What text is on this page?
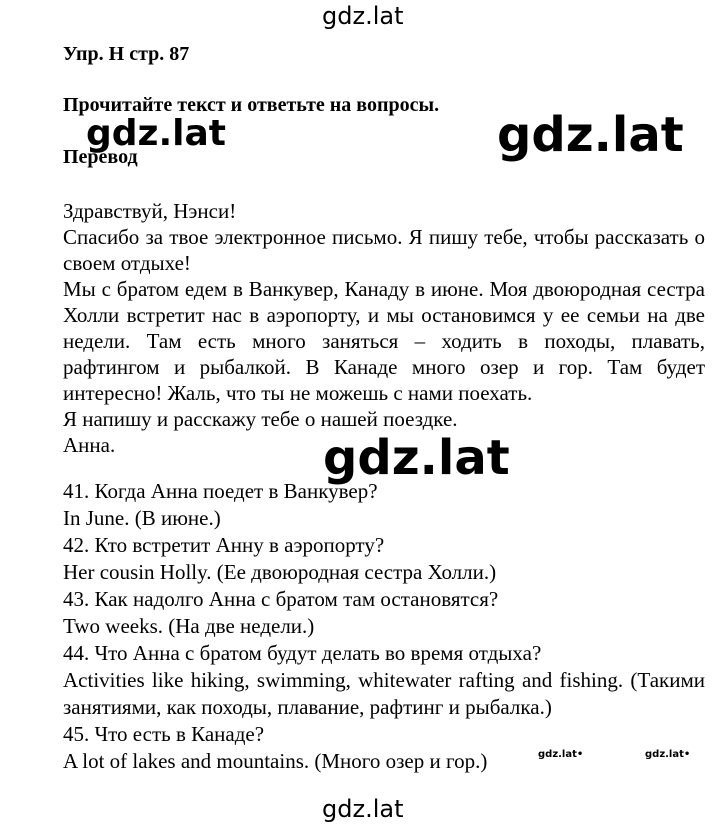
gdz.lat
Упр. H стр. 87
Прочитайте текст и ответьте на вопросы.
Перевод
gdz.lat	gdz.lat

Здравствуй, Нэнси!

Спасибо за твое электронное письмо. Я пишу тебе, чтобы рассказать о своем отдыхе!

Мы с братом едем в Ванкувер, Канаду в июне. Моя двоюродная сестра Холли встретит нас в аэропорту, и мы остановимся у ее семьи на две недели. Там есть много заняться – ходить в походы, плавать, рафтингом и рыбалкой. В Канаде много озер и гор. Там будет интересно! Жаль, что ты не можешь с нами поехать.

Я напишу и расскажу тебе о нашей поездке.

Анна.	gdz.lat

41. Когда Анна поедет в Ванкувер?

In June. (В июне.)

42. Кто встретит Анну в аэропорту?

Her cousin Holly. (Ее двоюродная сестра Холли.)

43. Как надолго Анна с братом там остановятся?

Two weeks. (На две недели.)

44. Что Анна с братом будут делать во время отдыха?

Activities like hiking, swimming, whitewater rafting and fishing. (Такими занятиями, как походы, плавание, рафтинг и рыбалка.)

45. Что есть в Канаде?

A lot of lakes and mountains. (Много озер и гор.)	gdz.lat•	gdz.lat•
gdz.lat
